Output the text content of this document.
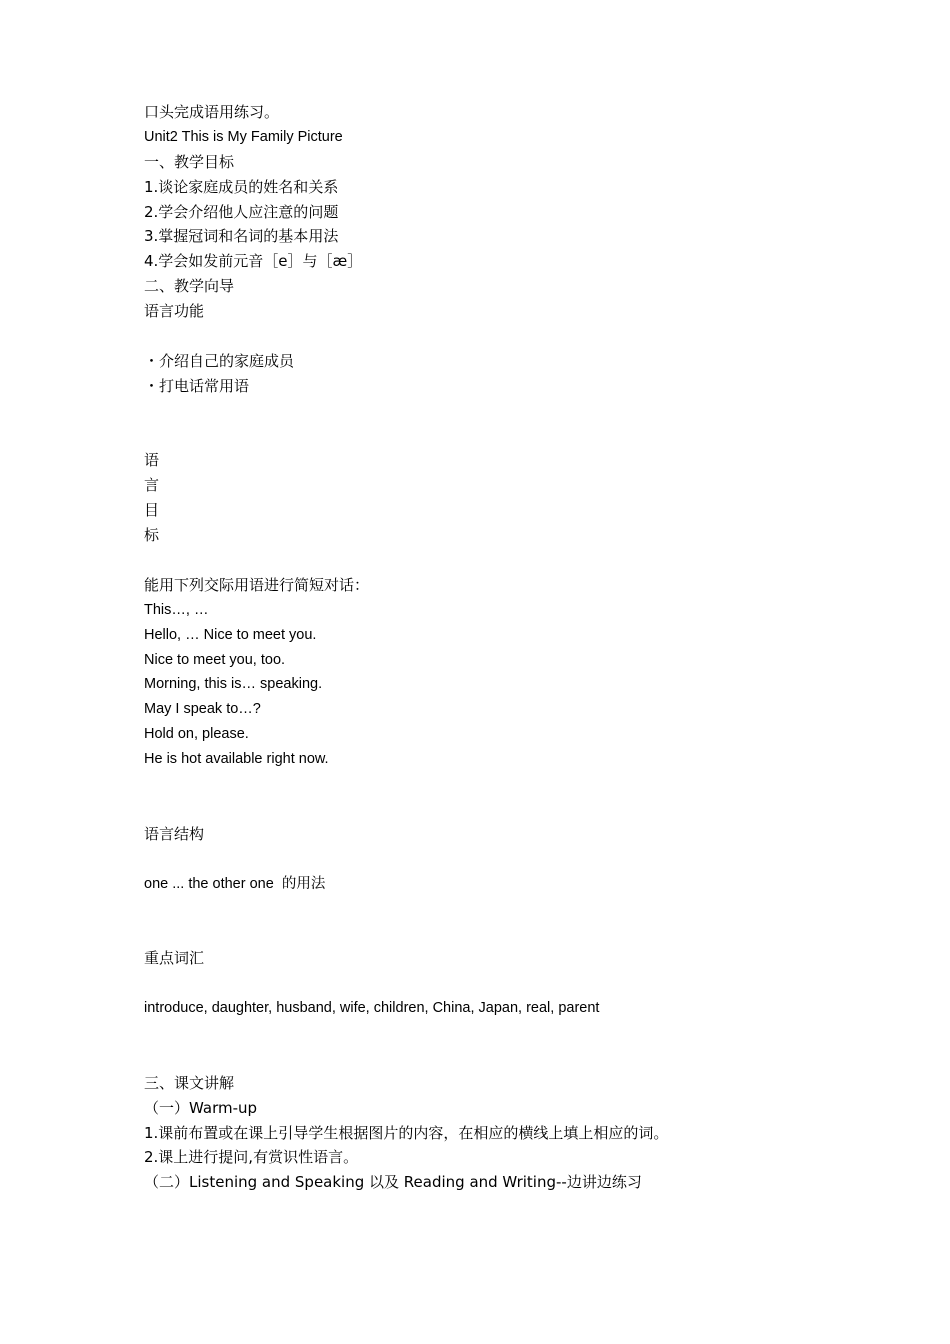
口头完成语用练习。
Unit2 This is My Family Picture
一、教学目标
1.谈论家庭成员的姓名和关系
2.学会介绍他人应注意的问题
3.掌握冠词和名词的基本用法
4.学会如发前元音［e］与［æ］
二、教学向导
语言功能
・介绍自己的家庭成员
・打电话常用语
语
言
目
标
能用下列交际用语进行简短对话：
This…, …
Hello, … Nice to meet you.
Nice to meet you, too.
Morning, this is… speaking.
May I speak to…?
Hold on, please.
He is hot available right now.
语言结构
one ... the other one  的用法
重点词汇
introduce, daughter, husband, wife, children, China, Japan, real, parent
三、课文讲解
（一）Warm-up
1.课前布置或在课上引导学生根据图片的内容，在相应的横线上填上相应的词。
2.课上进行提问,有赏识性语言。
（二）Listening and Speaking 以及 Reading and Writing--边讲边练习
